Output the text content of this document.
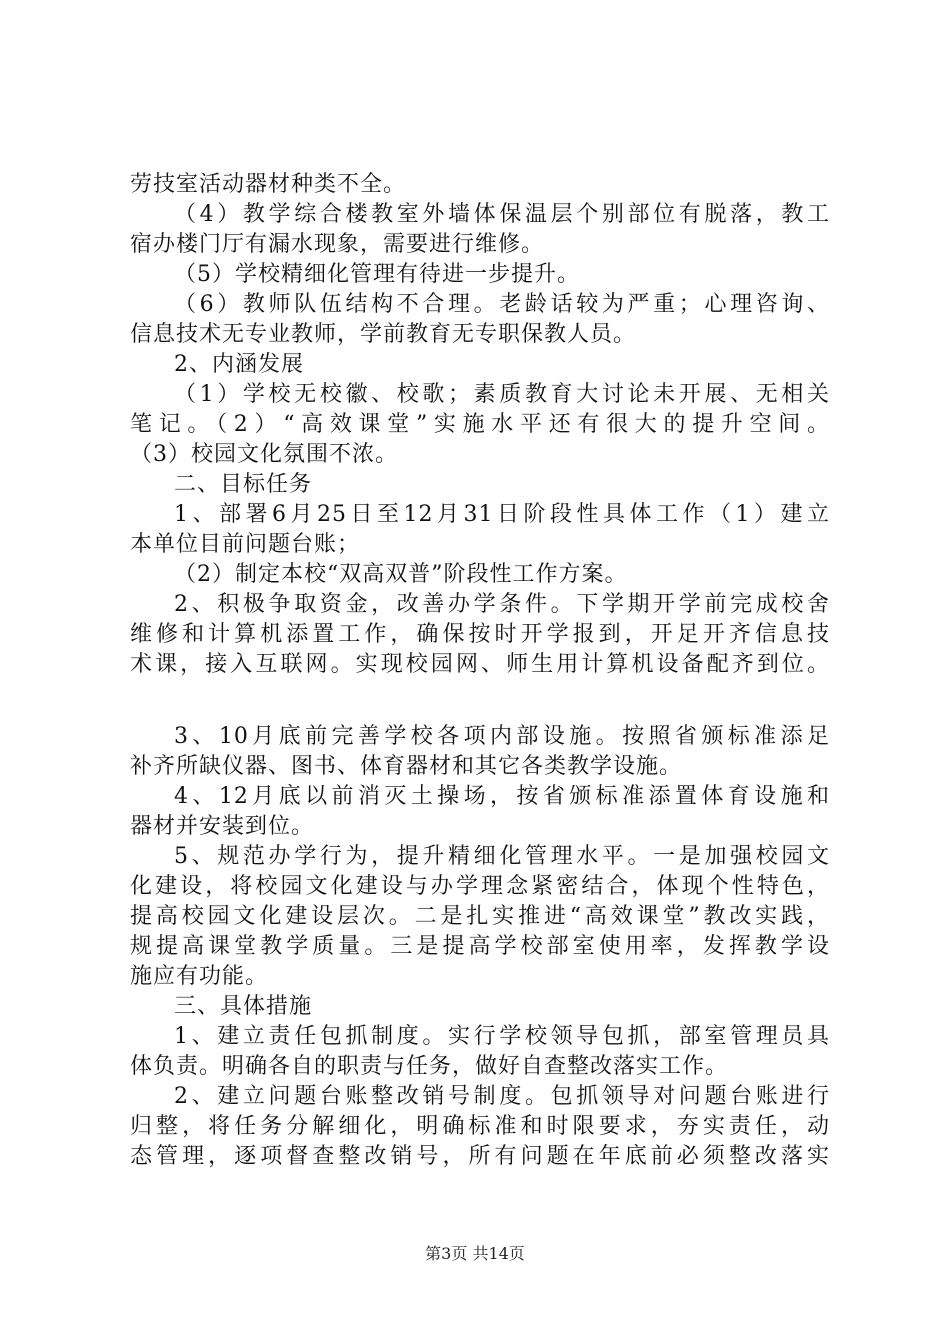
劳技室活动器材种类不全。
（4）教学综合楼教室外墙体保温层个别部位有脱落，教工
宿办楼门厅有漏水现象，需要进行维修。
（5）学校精细化管理有待进一步提升。
（6）教师队伍结构不合理。老龄话较为严重；心理咨询、
信息技术无专业教师，学前教育无专职保教人员。
2、内涵发展
（1）学校无校徽、校歌；素质教育大讨论未开展、无相关
笔记。（2）“高效课堂”实施水平还有很大的提升空间。
（3）校园文化氛围不浓。
二、目标任务
1、部署6月25日至12月31日阶段性具体工作（1）建立
本单位目前问题台账；
（2）制定本校“双高双普”阶段性工作方案。
2、积极争取资金，改善办学条件。下学期开学前完成校舍
维修和计算机添置工作，确保按时开学报到，开足开齐信息技
术课，接入互联网。实现校园网、师生用计算机设备配齐到位。
3、10月底前完善学校各项内部设施。按照省颁标准添足
补齐所缺仪器、图书、体育器材和其它各类教学设施。
4、12月底以前消灭土操场，按省颁标准添置体育设施和
器材并安装到位。
5、规范办学行为，提升精细化管理水平。一是加强校园文
化建设，将校园文化建设与办学理念紧密结合，体现个性特色，
提高校园文化建设层次。二是扎实推进“高效课堂”教改实践，
规提高课堂教学质量。三是提高学校部室使用率，发挥教学设
施应有功能。
三、具体措施
1、建立责任包抓制度。实行学校领导包抓，部室管理员具
体负责。明确各自的职责与任务，做好自查整改落实工作。
2、建立问题台账整改销号制度。包抓领导对问题台账进行
归整，将任务分解细化，明确标准和时限要求，夯实责任，动
态管理，逐项督查整改销号，所有问题在年底前必须整改落实
第3页 共14页
